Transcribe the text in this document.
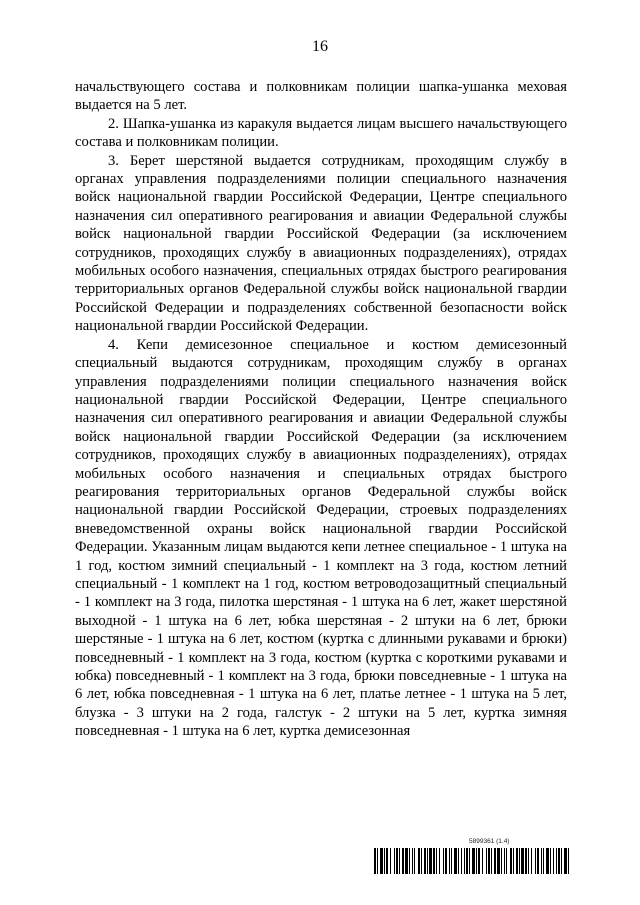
16

начальствующего состава и полковникам полиции шапка-ушанка меховая выдается на 5 лет.

2. Шапка-ушанка из каракуля выдается лицам высшего начальствующего состава и полковникам полиции.

3. Берет шерстяной выдается сотрудникам, проходящим службу в органах управления подразделениями полиции специального назначения войск национальной гвардии Российской Федерации, Центре специального назначения сил оперативного реагирования и авиации Федеральной службы войск национальной гвардии Российской Федерации (за исключением сотрудников, проходящих службу в авиационных подразделениях), отрядах мобильных особого назначения, специальных отрядах быстрого реагирования территориальных органов Федеральной службы войск национальной гвардии Российской Федерации и подразделениях собственной безопасности войск национальной гвардии Российской Федерации.

4. Кепи демисезонное специальное и костюм демисезонный специальный выдаются сотрудникам, проходящим службу в органах управления подразделениями полиции специального назначения войск национальной гвардии Российской Федерации, Центре специального назначения сил оперативного реагирования и авиации Федеральной службы войск национальной гвардии Российской Федерации (за исключением сотрудников, проходящих службу в авиационных подразделениях), отрядах мобильных особого назначения и специальных отрядах быстрого реагирования территориальных органов Федеральной службы войск национальной гвардии Российской Федерации, строевых подразделениях вневедомственной охраны войск национальной гвардии Российской Федерации. Указанным лицам выдаются кепи летнее специальное - 1 штука на 1 год, костюм зимний специальный - 1 комплект на 3 года, костюм летний специальный - 1 комплект на 1 год, костюм ветроводозащитный специальный - 1 комплект на 3 года, пилотка шерстяная - 1 штука на 6 лет, жакет шерстяной выходной - 1 штука на 6 лет, юбка шерстяная - 2 штуки на 6 лет, брюки шерстяные - 1 штука на 6 лет, костюм (куртка с длинными рукавами и брюки) повседневный - 1 комплект на 3 года, костюм (куртка с короткими рукавами и юбка) повседневный - 1 комплект на 3 года, брюки повседневные - 1 штука на 6 лет, юбка повседневная - 1 штука на 6 лет, платье летнее - 1 штука на 5 лет, блузка - 3 штуки на 2 года, галстук - 2 штуки на 5 лет, куртка зимняя повседневная - 1 штука на 6 лет, куртка демисезонная

5899361 (1.4)
